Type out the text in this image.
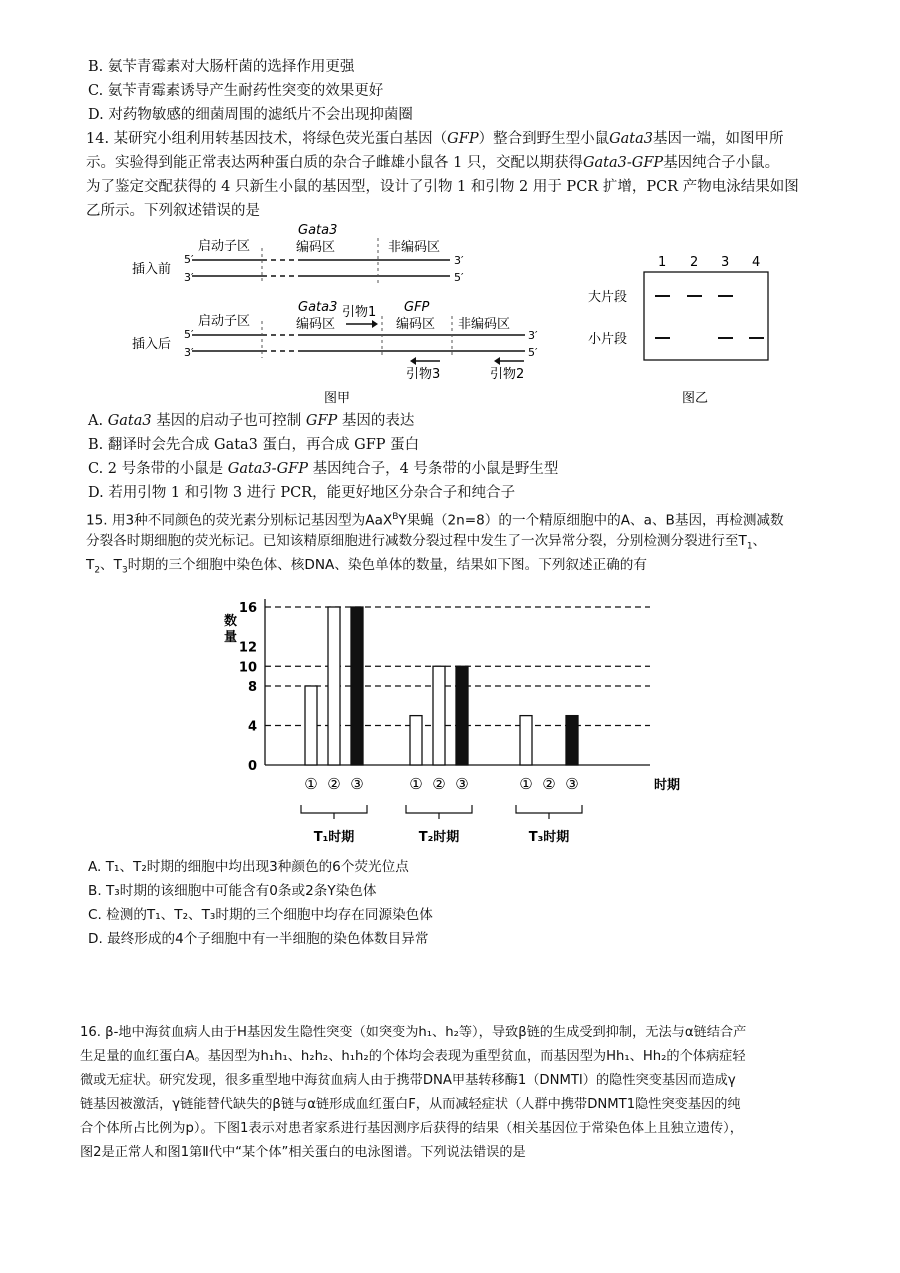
B. 氨苄青霉素对大肠杆菌的选择作用更强
C. 氨苄青霉素诱导产生耐药性突变的效果更好
D. 对药物敏感的细菌周围的滤纸片不会出现抑菌圈
14. 某研究小组利用转基因技术，将绿色荧光蛋白基因（GFP）整合到野生型小鼠Gata3基因一端，如图甲所
示。实验得到能正常表达两种蛋白质的杂合子雌雄小鼠各 1 只，交配以期获得Gata3-GFP基因纯合子小鼠。
为了鉴定交配获得的 4 只新生小鼠的基因型，设计了引物 1 和引物 2 用于 PCR 扩增，PCR 产物电泳结果如图
乙所示。下列叙述错误的是
插入前
5′
3′
启动子区
Gata3
编码区	非编码区
3′
5′
插入后
5′
3′
启动子区
Gata3
编码区
引物1 GFP
编码区 非编码区
3′
5′
引物3	引物2
图甲
1 2 3 4
大片段
小片段
图乙
A. Gata3 基因的启动子也可控制 GFP 基因的表达
B. 翻译时会先合成 Gata3 蛋白，再合成 GFP 蛋白
C. 2 号条带的小鼠是 Gata3-GFP 基因纯合子，4 号条带的小鼠是野生型
D. 若用引物 1 和引物 3 进行 PCR，能更好地区分杂合子和纯合子
15. 用3种不同颜色的荧光素分别标记基因型为AaX$^B$Y果蝇（2n=8）的一个精原细胞中的A、a、B基因，再检测减数
分裂各时期细胞的荧光标记。已知该精原细胞进行减数分裂过程中发生了一次异常分裂，分别检测分裂进行至$T_1$、
$T_2$、$T_3$时期的三个细胞中染色体、核DNA、染色单体的数量，结果如下图。下列叙述正确的有
数
量
时期
0
4
8
10
12
16
① ② ③
T₁时期
① ② ③
T₂时期
① ② ③
T₃时期
A. T₁、T₂时期的细胞中均出现3种颜色的6个荧光位点
B. T₃时期的该细胞中可能含有0条或2条Y染色体
C. 检测的T₁、T₂、T₃时期的三个细胞中均存在同源染色体
D. 最终形成的4个子细胞中有一半细胞的染色体数目异常
16. β-地中海贫血病人由于H基因发生隐性突变（如突变为h₁、h₂等），导致β链的生成受到抑制，无法与α链结合产
生足量的血红蛋白A。基因型为h₁h₁、h₂h₂、h₁h₂的个体均会表现为重型贫血，而基因型为Hh₁、Hh₂的个体病症轻
微或无症状。研究发现，很多重型地中海贫血病人由于携带DNA甲基转移酶1（DNMTI）的隐性突变基因而造成γ
链基因被激活，γ链能替代缺失的β链与α链形成血红蛋白F，从而减轻症状（人群中携带DNMT1隐性突变基因的纯
合个体所占比例为p）。下图1表示对患者家系进行基因测序后获得的结果（相关基因位于常染色体上且独立遗传），
图2是正常人和图1第Ⅱ代中“某个体”相关蛋白的电泳图谱。下列说法错误的是
